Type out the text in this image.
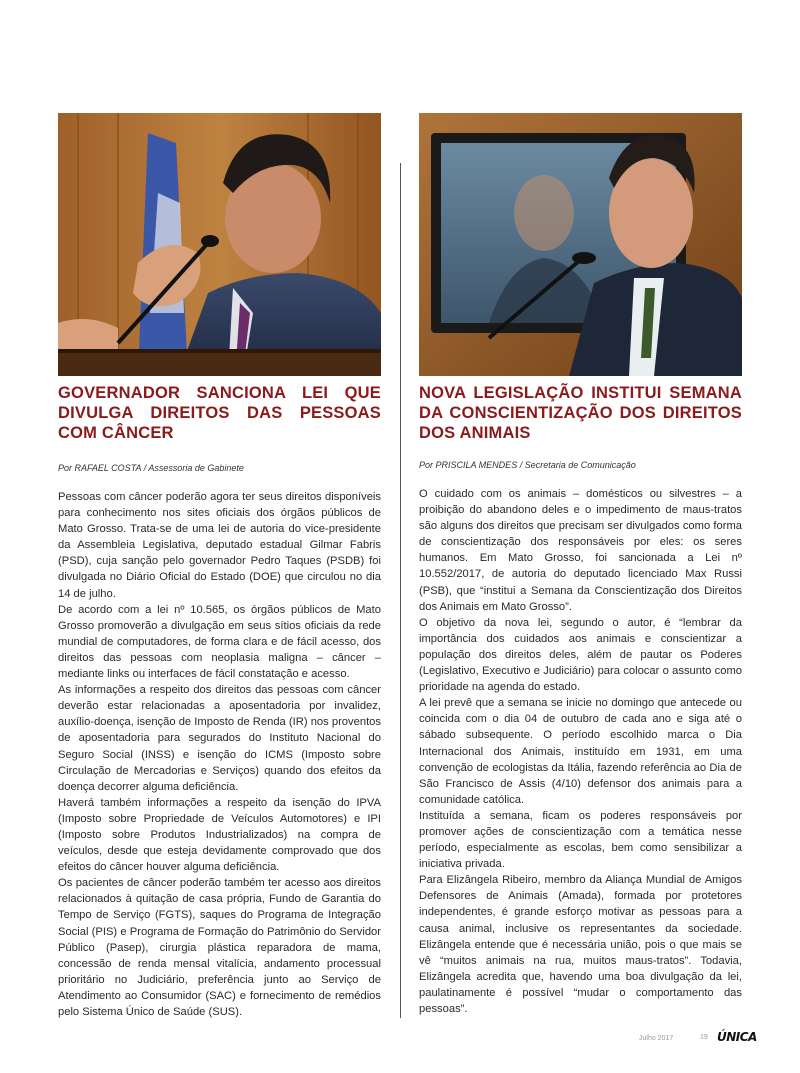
GOVERNADOR SANCIONA LEI QUE DIVULGA DIREITOS DAS PESSOAS COM CÂNCER
Por RAFAEL COSTA / Assessoria de Gabinete

Pessoas com câncer poderão agora ter seus direitos disponíveis para conhecimento nos sites oficiais dos órgãos públicos de Mato Grosso. Trata-se de uma lei de autoria do vice-presidente da Assembleia Legislativa, deputado estadual Gilmar Fabris (PSD), cuja sanção pelo governador Pedro Taques (PSDB) foi divulgada no Diário Oficial do Estado (DOE) que circulou no dia 14 de julho.

De acordo com a lei nº 10.565, os órgãos públicos de Mato Grosso promoverão a divulgação em seus sítios oficiais da rede mundial de computadores, de forma clara e de fácil acesso, dos direitos das pessoas com neoplasia maligna – câncer – mediante links ou interfaces de fácil constatação e acesso.

As informações a respeito dos direitos das pessoas com câncer deverão estar relacionadas a aposentadoria por invalidez, auxílio-doença, isenção de Imposto de Renda (IR) nos proventos de aposentadoria para segurados do Instituto Nacional do Seguro Social (INSS) e isenção do ICMS (Imposto sobre Circulação de Mercadorias e Serviços) quando dos efeitos da doença decorrer alguma deficiência.

Haverá também informações a respeito da isenção do IPVA (Imposto sobre Propriedade de Veículos Automotores) e IPI (Imposto sobre Produtos Industrializados) na compra de veículos, desde que esteja devidamente comprovado que dos efeitos do câncer houver alguma deficiência.

Os pacientes de câncer poderão também ter acesso aos direitos relacionados à quitação de casa própria, Fundo de Garantia do Tempo de Serviço (FGTS), saques do Programa de Integração Social (PIS) e Programa de Formação do Patrimônio do Servidor Público (Pasep), cirurgia plástica reparadora de mama, concessão de renda mensal vitalícia, andamento processual prioritário no Judiciário, preferência junto ao Serviço de Atendimento ao Consumidor (SAC) e fornecimento de remédios pelo Sistema Único de Saúde (SUS).

NOVA LEGISLAÇÃO INSTITUI SEMANA DA CONSCIENTIZAÇÃO DOS DIREITOS DOS ANIMAIS
Por PRISCILA MENDES / Secretaria de Comunicação

O cuidado com os animais – domésticos ou silvestres – a proibição do abandono deles e o impedimento de maus-tratos são alguns dos direitos que precisam ser divulgados como forma de conscientização dos responsáveis por eles: os seres humanos. Em Mato Grosso, foi sancionada a Lei nº 10.552/2017, de autoria do deputado licenciado Max Russi (PSB), que “institui a Semana da Conscientização dos Direitos dos Animais em Mato Grosso”.

O objetivo da nova lei, segundo o autor, é “lembrar da importância dos cuidados aos animais e conscientizar a população dos direitos deles, além de pautar os Poderes (Legislativo, Executivo e Judiciário) para colocar o assunto como prioridade na agenda do estado.

A lei prevê que a semana se inicie no domingo que antecede ou coincida com o dia 04 de outubro de cada ano e siga até o sábado subsequente. O período escolhido marca o Dia Internacional dos Animais, instituído em 1931, em uma convenção de ecologistas da Itália, fazendo referência ao Dia de São Francisco de Assis (4/10) defensor dos animais para a comunidade católica.

Instituída a semana, ficam os poderes responsáveis por promover ações de conscientização com a temática nesse período, especialmente as escolas, bem como sensibilizar a iniciativa privada.

Para Elizângela Ribeiro, membro da Aliança Mundial de Amigos Defensores de Animais (Amada), formada por protetores independentes, é grande esforço motivar as pessoas para a causa animal, inclusive os representantes da sociedade. Elizângela entende que é necessária união, pois o que mais se vê “muitos animais na rua, muitos maus-tratos”. Todavia, Elizângela acredita que, havendo uma boa divulgação da lei, paulatinamente é possível “mudar o comportamento das pessoas”.

Julho 2017	19 ÚNICA
